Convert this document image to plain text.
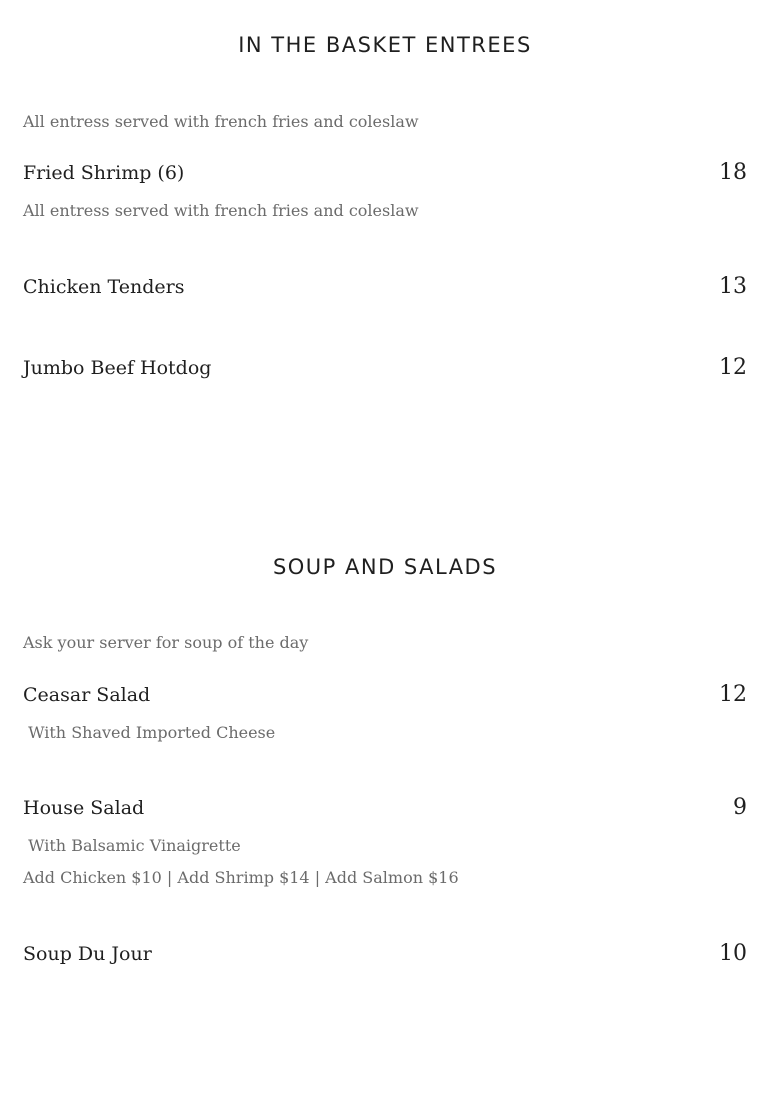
IN THE BASKET ENTREES

All entress served with french fries and coleslaw

Fried Shrimp (6)	18

All entress served with french fries and coleslaw

Chicken Tenders	13

Jumbo Beef Hotdog	12

SOUP AND SALADS

Ask your server for soup of the day

Ceasar Salad	12

With Shaved Imported Cheese

House Salad	9

With Balsamic Vinaigrette

Add Chicken $10 | Add Shrimp $14 | Add Salmon $16

Soup Du Jour	10
